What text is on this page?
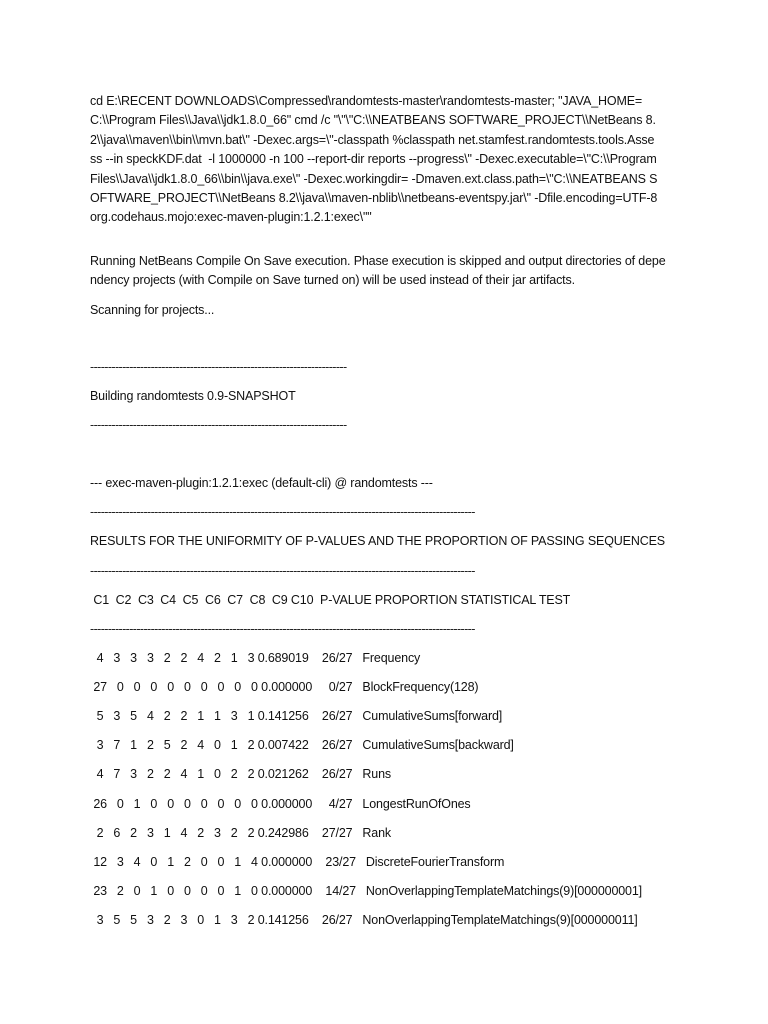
cd E:\RECENT DOWNLOADS\Compressed\randomtests-master\randomtests-master; "JAVA_HOME=C:\\Program Files\\Java\\jdk1.8.0_66" cmd /c "\"\"C:\\NEATBEANS SOFTWARE_PROJECT\\NetBeans 8.2\\java\\maven\\bin\\mvn.bat\" -Dexec.args=\"-classpath %classpath net.stamfest.randomtests.tools.Assess --in speckKDF.dat  -l 1000000 -n 100 --report-dir reports --progress\" -Dexec.executable=\"C:\\Program Files\\Java\\jdk1.8.0_66\\bin\\java.exe\" -Dexec.workingdir= -Dmaven.ext.class.path=\"C:\\NEATBEANS SOFTWARE_PROJECT\\NetBeans 8.2\\java\\maven-nblib\\netbeans-eventspy.jar\" -Dfile.encoding=UTF-8 org.codehaus.mojo:exec-maven-plugin:1.2.1:exec\""

Running NetBeans Compile On Save execution. Phase execution is skipped and output directories of dependency projects (with Compile on Save turned on) will be used instead of their jar artifacts.

Scanning for projects...

------------------------------------------------------------------------

Building randomtests 0.9-SNAPSHOT

------------------------------------------------------------------------

--- exec-maven-plugin:1.2.1:exec (default-cli) @ randomtests ---

------------------------------------------------------------------------------------------------------------

RESULTS FOR THE UNIFORMITY OF P-VALUES AND THE PROPORTION OF PASSING SEQUENCES

------------------------------------------------------------------------------------------------------------

C1  C2  C3  C4  C5  C6  C7  C8  C9 C10  P-VALUE PROPORTION STATISTICAL TEST

------------------------------------------------------------------------------------------------------------

4   3   3   3   2   2   4   2   1   3 0.689019    26/27   Frequency

27   0   0   0   0   0   0   0   0   0 0.000000     0/27   BlockFrequency(128)

5   3   5   4   2   2   1   1   3   1 0.141256    26/27   CumulativeSums[forward]

3   7   1   2   5   2   4   0   1   2 0.007422    26/27   CumulativeSums[backward]

4   7   3   2   2   4   1   0   2   2 0.021262    26/27   Runs

26   0   1   0   0   0   0   0   0   0 0.000000     4/27   LongestRunOfOnes

2   6   2   3   1   4   2   3   2   2 0.242986    27/27   Rank

12   3   4   0   1   2   0   0   1   4 0.000000    23/27   DiscreteFourierTransform

23   2   0   1   0   0   0   0   1   0 0.000000    14/27   NonOverlappingTemplateMatchings(9)[000000001]

3   5   5   3   2   3   0   1   3   2 0.141256    26/27   NonOverlappingTemplateMatchings(9)[000000011]
